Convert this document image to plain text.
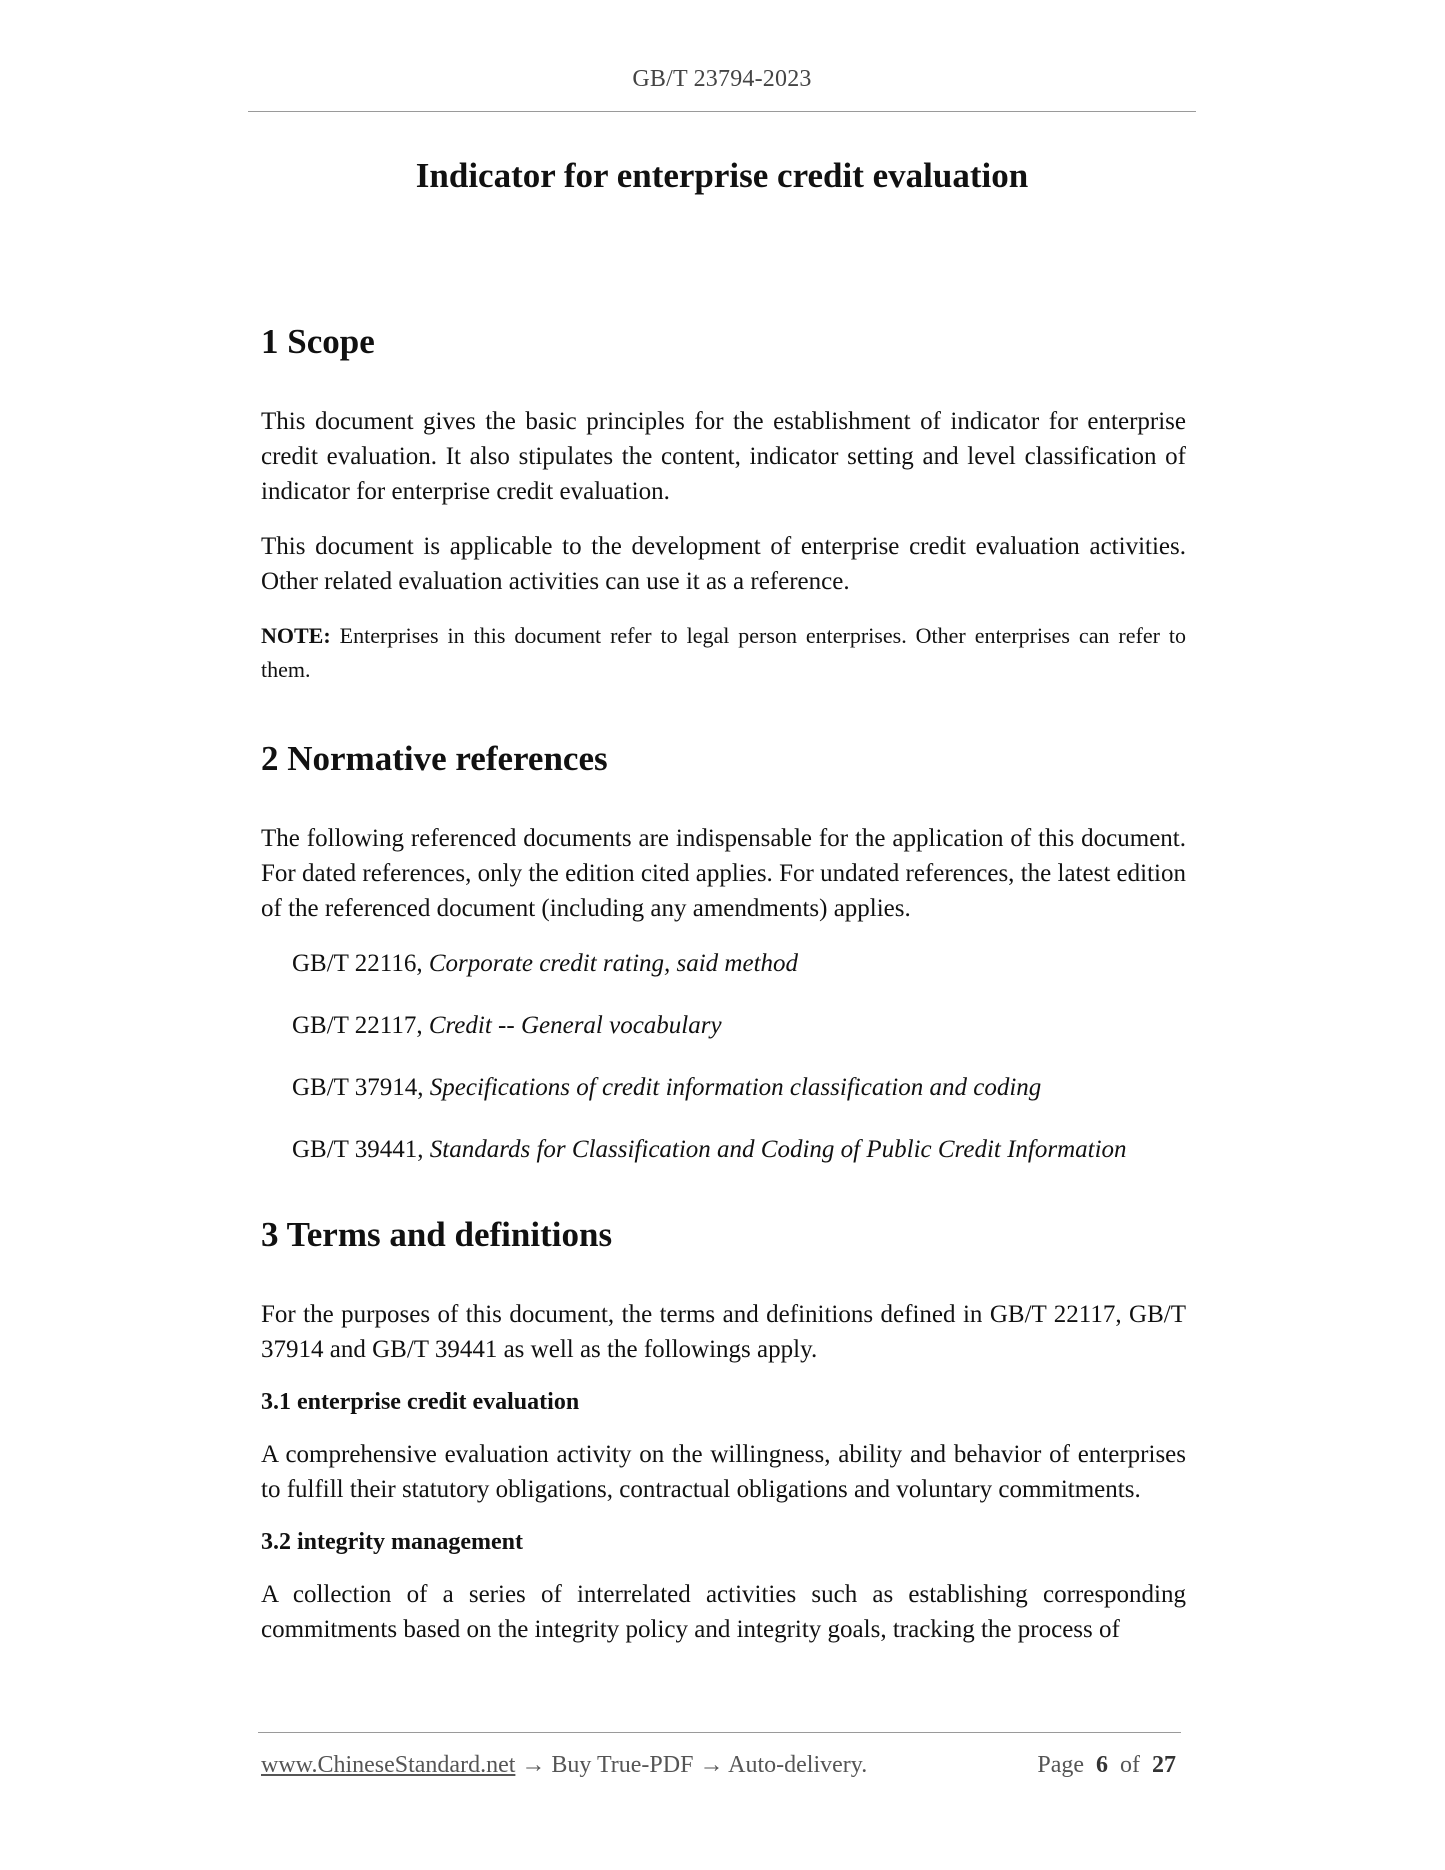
GB/T 23794-2023
Indicator for enterprise credit evaluation
1 Scope

This document gives the basic principles for the establishment of indicator for enterprise credit evaluation. It also stipulates the content, indicator setting and level classification of indicator for enterprise credit evaluation.

This document is applicable to the development of enterprise credit evaluation activities. Other related evaluation activities can use it as a reference.

NOTE: Enterprises in this document refer to legal person enterprises. Other enterprises can refer to them.

2 Normative references

The following referenced documents are indispensable for the application of this document. For dated references, only the edition cited applies. For undated references, the latest edition of the referenced document (including any amendments) applies.

GB/T 22116, Corporate credit rating, said method
GB/T 22117, Credit -- General vocabulary
GB/T 37914, Specifications of credit information classification and coding
GB/T 39441, Standards for Classification and Coding of Public Credit Information
3 Terms and definitions

For the purposes of this document, the terms and definitions defined in GB/T 22117, GB/T 37914 and GB/T 39441 as well as the followings apply.

3.1 enterprise credit evaluation

A comprehensive evaluation activity on the willingness, ability and behavior of enterprises to fulfill their statutory obligations, contractual obligations and voluntary commitments.

3.2 integrity management

A collection of a series of interrelated activities such as establishing corresponding commitments based on the integrity policy and integrity goals, tracking the process of

www.ChineseStandard.net → Buy True-PDF → Auto-delivery.	Page 6 of 27
